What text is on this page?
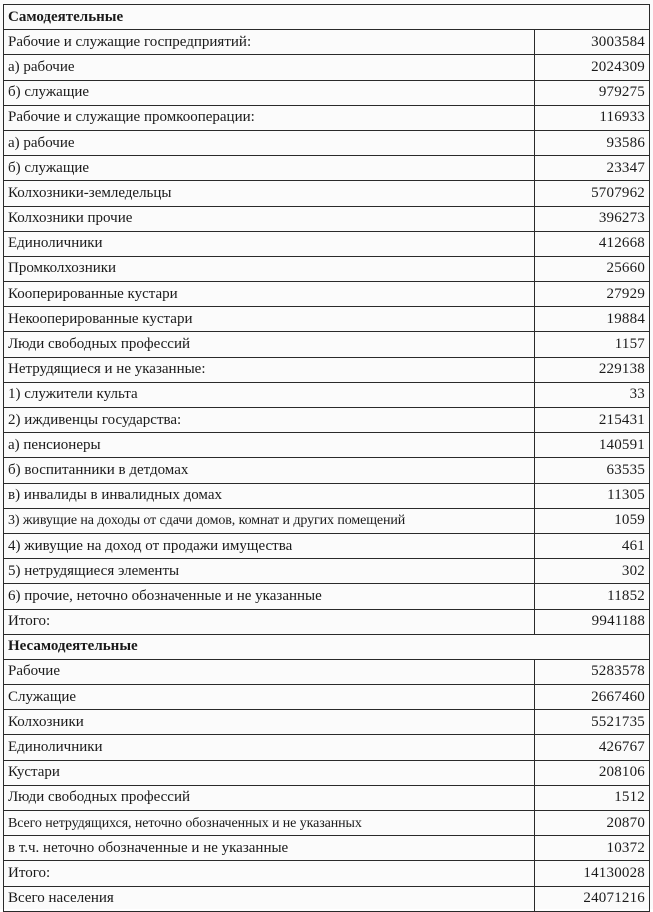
Самодеятельные	
Рабочие и служащие госпредприятий:	3003584
а) рабочие	2024309
б) служащие	979275
Рабочие и служащие промкооперации:	116933
а) рабочие	93586
б) служащие	23347
Колхозники-земледельцы	5707962
Колхозники прочие	396273
Единоличники	412668
Промколхозники	25660
Кооперированные кустари	27929
Некооперированные кустари	19884
Люди свободных профессий	1157
Нетрудящиеся и не указанные:	229138
1) служители культа	33
2) иждивенцы государства:	215431
а) пенсионеры	140591
б) воспитанники в детдомах	63535
в) инвалиды в инвалидных домах	11305
3) живущие на доходы от сдачи домов, комнат и других помещений	1059
4) живущие на доход от продажи имущества	461
5) нетрудящиеся элементы	302
6) прочие, неточно обозначенные и не указанные	11852
Итого:	9941188
Несамодеятельные	
Рабочие	5283578
Служащие	2667460
Колхозники	5521735
Единоличники	426767
Кустари	208106
Люди свободных профессий	1512
Всего нетрудящихся, неточно обозначенных и не указанных	20870
в т.ч. неточно обозначенные и не указанные	10372
Итого:	14130028
Всего населения	24071216
